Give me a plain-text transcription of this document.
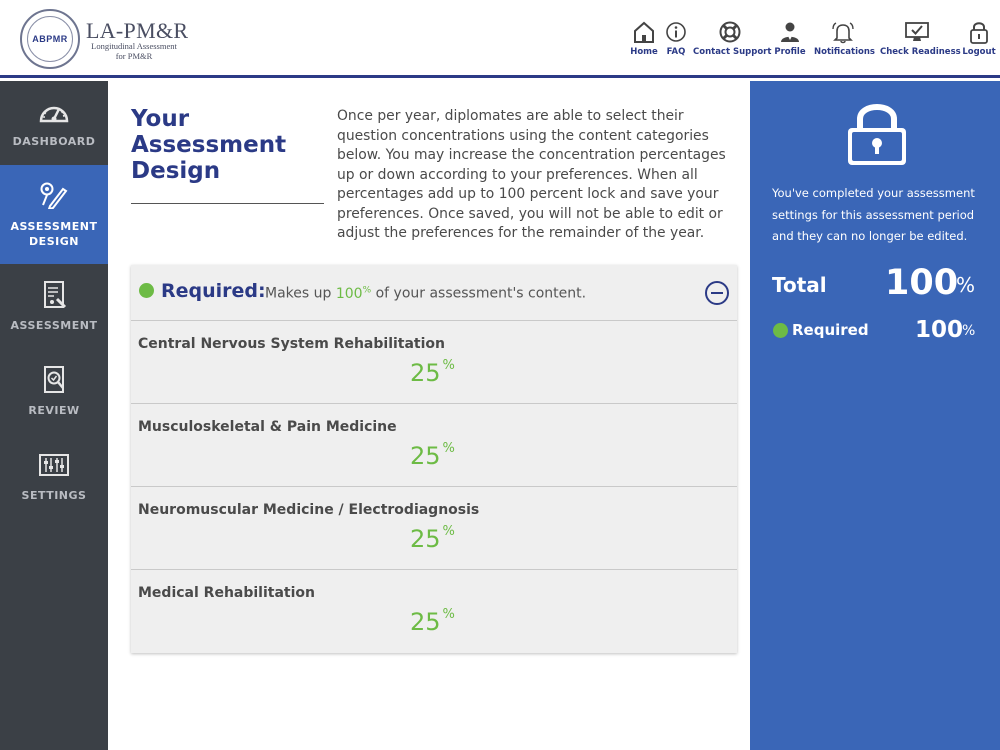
ABPMR LA-PM&R
Longitudinal Assessment
for PM&R	Home	FAQ Contact Support Profile Notifications Check Readiness Logout
DASHBOARD
ASSESSMENT
DESIGN
ASSESSMENT
REVIEW
SETTINGS
Your
Assessment
Design
Once per year, diplomates are able to select their question concentrations using the content categories below. You may increase the concentration percentages up or down according to your preferences. When all percentages add up to 100 percent lock and save your preferences. Once saved, you will not be able to edit or adjust the preferences for the remainder of the year.
Required: Makes up 100% of your assessment's content.
Central Nervous System Rehabilitation
25 %
Musculoskeletal & Pain Medicine
25 %
Neuromuscular Medicine / Electrodiagnosis
25 %
Medical Rehabilitation
25 %
You've completed your assessment settings for this assessment period and they can no longer be edited.
Total 100
%
Required 100
%
